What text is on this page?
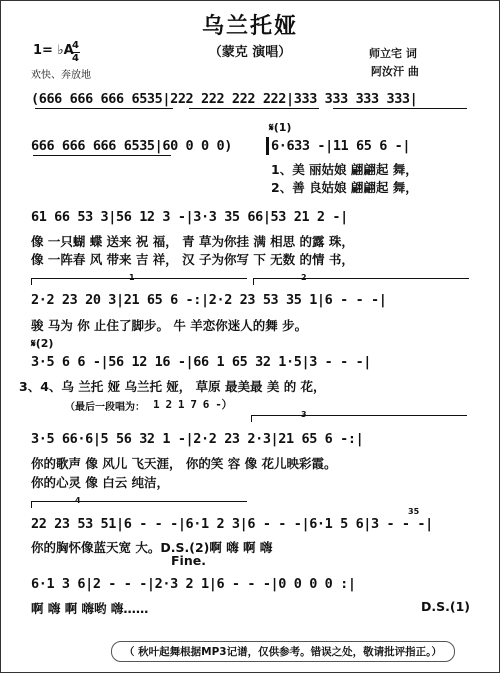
乌兰托娅
（蒙克 演唱）
1= ♭A
4
4
欢快、奔放地
师立宅 词
阿汝汗 曲
(666 666 666 6535|222 222 222 222|333 333 333 333|
666 666 666 6535|60 0 0 0)
𝄋(1)
6·633 -|11 65 6 -|
1、美 丽姑娘 翩翩起 舞，
2、善 良姑娘 翩翩起 舞，
61 66 53 3|56 12 3 -|3·3 35 66|53 21 2 -|
像 一只蝴 蝶 送来 祝 福， 青 草为你挂 满 相思 的露 珠，
像 一阵春 风 带来 吉 祥， 汉 子为你写 下 无数 的情 书，
1	2
2·2 23 20 3|21 65 6 -:|2·2 23 53 35 1|6 - - -|
骏 马为 你 止住了脚步。 牛 羊恋你迷人的舞 步。
𝄋(2)
3·5 6 6 -|56 12 16 -|66 1 65 32 1·5|3 - - -|
3、4、乌 兰托 娅 乌兰托 娅， 草原 最美最 美 的 花，
（最后一段唱为： 1 2 1 7 6 -）
3
3·5 66·6|5 56 32 1 -|2·2 23 2·3|21 65 6 -:|
你的歌声 像 风儿 飞天涯， 你的笑 容 像 花儿映彩霞。
你的心灵 像 白云 纯洁，
4
35
22 23 53 51|6 - - -|6·1 2 3|6 - - -|6·1 5 6|3 - - -|
你的胸怀像蓝天宽 大。D.S.(2)啊 嗨 啊 嗨
Fine.
6·1 3 6|2 - - -|2·3 2 1|6 - - -|0 0 0 0 :|
啊 嗨 啊 嗨哟 嗨……	D.S.(1)
（ 秋叶起舞根据MP3记谱，仅供参考。错误之处，敬请批评指正。）
